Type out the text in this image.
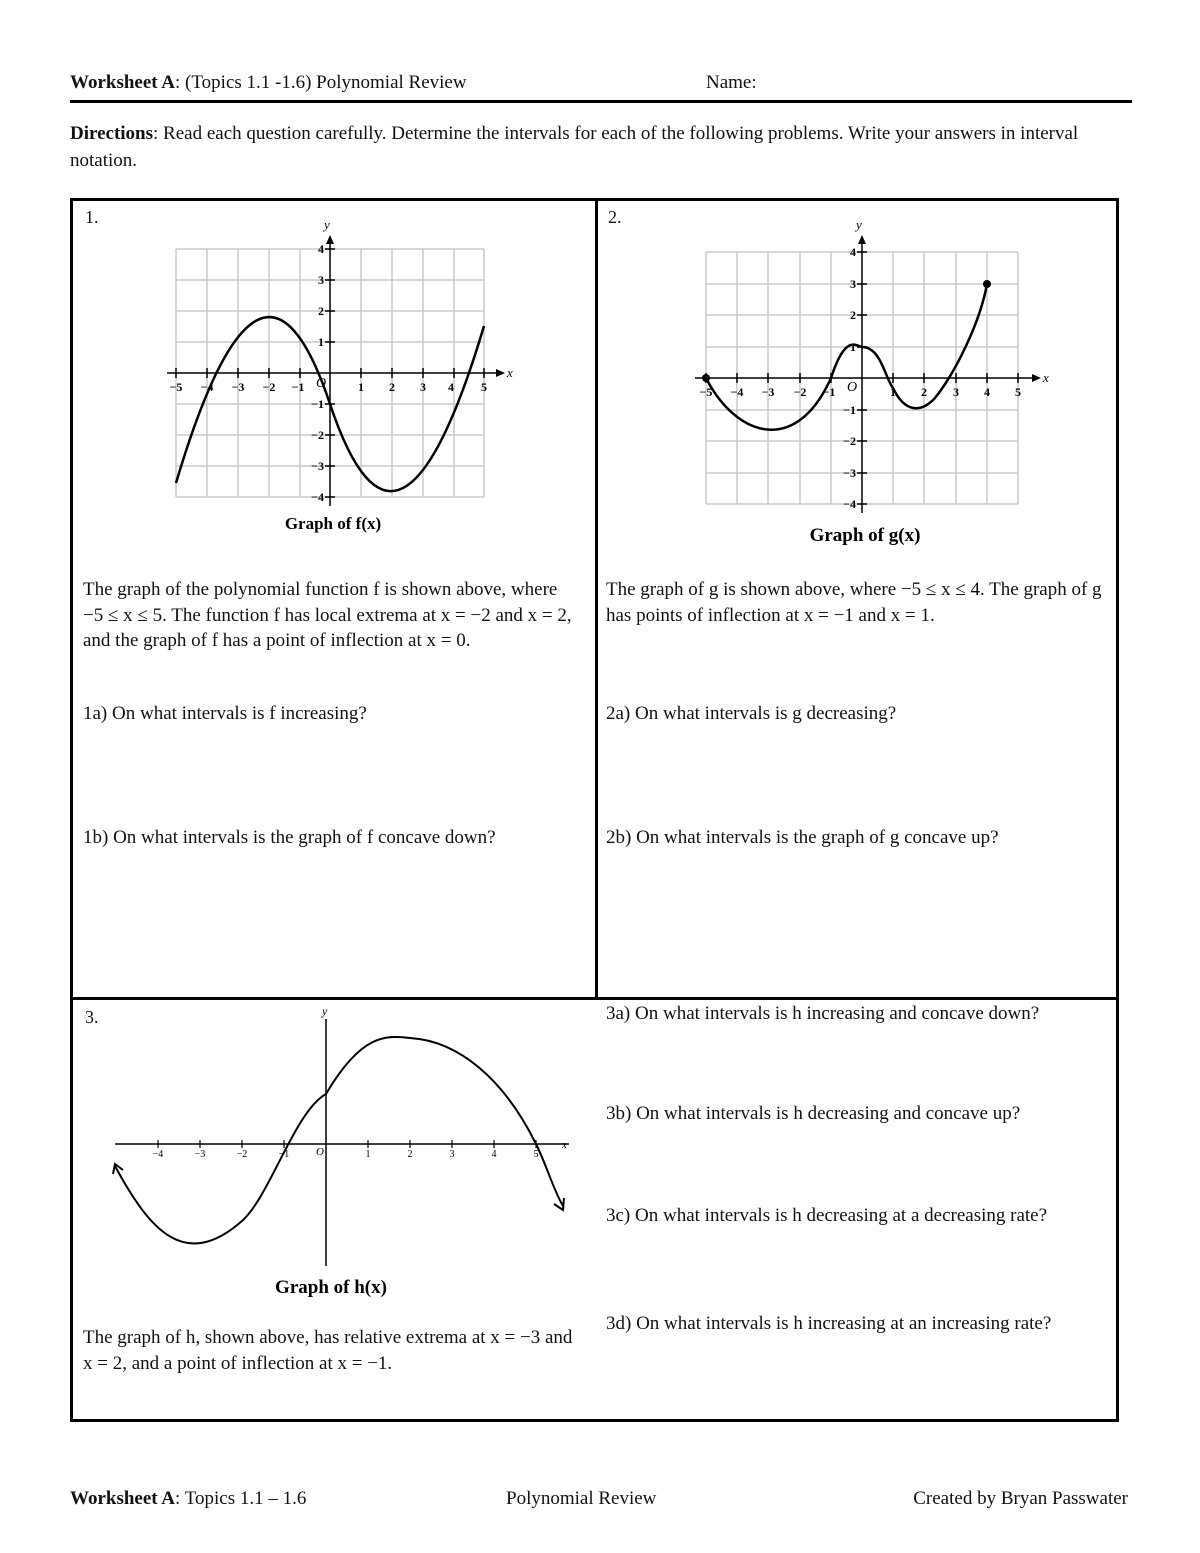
Worksheet A: (Topics 1.1 -1.6) Polynomial Review	Name:
Directions: Read each question carefully. Determine the intervals for each of the following problems. Write your answers in interval notation.
1.
−5 −4 −3 −2 −1	1 2 3 4 5
4
3
2
1
−1
−2
−3
−4
x
y
O
Graph of f(x)
The graph of the polynomial function f is shown above, where −5 ≤ x ≤ 5. The function f has local extrema at x = −2 and x = 2, and the graph of f has a point of inflection at x = 0.
1a) On what intervals is f increasing?
1b) On what intervals is the graph of f concave down?
2.
−5 −4 −3 −2 −1	1 2 3 4 5
4
3
2
1
−1
−2
−3
−4
x
y
O
Graph of g(x)
The graph of g is shown above, where −5 ≤ x ≤ 4. The graph of g has points of inflection at x = −1 and x = 1.
2a) On what intervals is g decreasing?
2b) On what intervals is the graph of g concave up?
3.
−4	−3	−2	−1	1	2	3	4	5
x
y
O
Graph of h(x)
The graph of h, shown above, has relative extrema at x = −3 and x = 2, and a point of inflection at x = −1.
3a) On what intervals is h increasing and concave down?
3b) On what intervals is h decreasing and concave up?
3c) On what intervals is h decreasing at a decreasing rate?
3d) On what intervals is h increasing at an increasing rate?
Worksheet A: Topics 1.1 – 1.6	Polynomial Review	Created by Bryan Passwater
